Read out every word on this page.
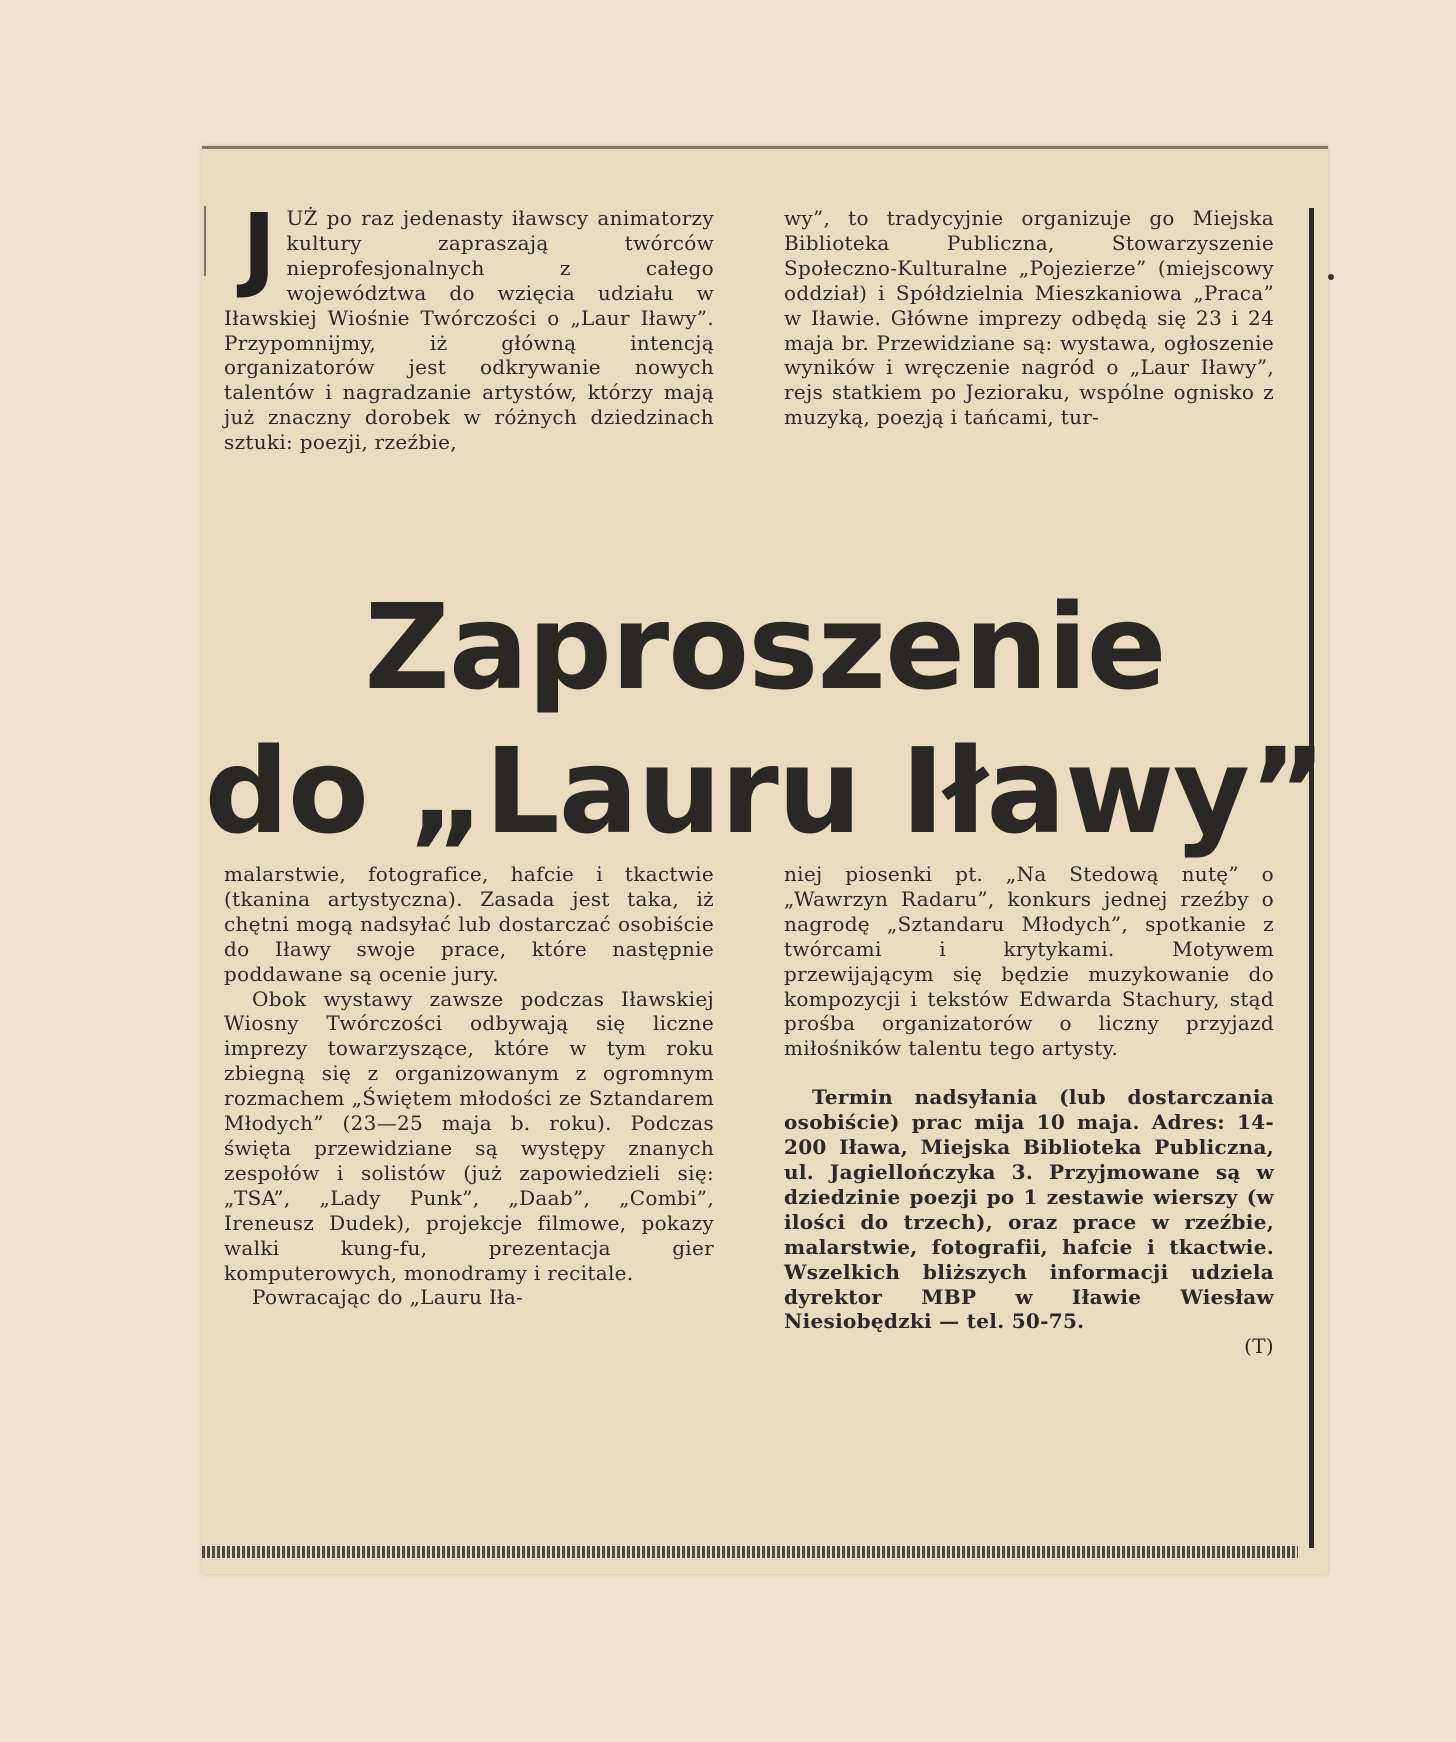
J UŻ po raz jedenasty iławscy animatorzy kultury zapraszają twórców nieprofesjonalnych z całego województwa do wzięcia udziału w Iławskiej Wiośnie Twórczości o „Laur Iławy”. Przypomnijmy, iż główną intencją organizatorów jest odkrywanie nowych talentów i nagradzanie artystów, którzy mają już znaczny dorobek w różnych dziedzinach sztuki: poezji, rzeźbie,

wy”, to tradycyjnie organizuje go Miejska Biblioteka Publiczna, Stowarzyszenie Społeczno-Kulturalne „Pojezierze” (miejscowy oddział) i Spółdzielnia Mieszkaniowa „Praca” w Iławie. Główne imprezy odbędą się 23 i 24 maja br. Przewidziane są: wystawa, ogłoszenie wyników i wręczenie nagród o „Laur Iławy”, rejs statkiem po Jezioraku, wspólne ognisko z muzyką, poezją i tańcami, tur-

Zaproszenie
do „Lauru Iławy”

malarstwie, fotografice, hafcie i tkactwie (tkanina artystyczna). Zasada jest taka, iż chętni mogą nadsyłać lub dostarczać osobiście do Iławy swoje prace, które następnie poddawane są ocenie jury.

Obok wystawy zawsze podczas Iławskiej Wiosny Twórczości odbywają się liczne imprezy towarzyszące, które w tym roku zbiegną się z organizowanym z ogromnym rozmachem „Świętem młodości ze Sztandarem Młodych” (23—25 maja b. roku). Podczas święta przewidziane są występy znanych zespołów i solistów (już zapowiedzieli się: „TSA”, „Lady Punk”, „Daab”, „Combi”, Ireneusz Dudek), projekcje filmowe, pokazy walki kung-fu, prezentacja gier komputerowych, monodramy i recitale.

Powracając do „Lauru Iła-

niej piosenki pt. „Na Stedową nutę” o „Wawrzyn Radaru”, konkurs jednej rzeźby o nagrodę „Sztandaru Młodych”, spotkanie z twórcami i krytykami. Motywem przewijającym się będzie muzykowanie do kompozycji i tekstów Edwarda Stachury, stąd prośba organizatorów o liczny przyjazd miłośników talentu tego artysty.

Termin nadsyłania (lub dostarczania osobiście) prac mija 10 maja. Adres: 14-200 Iława, Miejska Biblioteka Publiczna, ul. Jagiellończyka 3. Przyjmowane są w dziedzinie poezji po 1 zestawie wierszy (w ilości do trzech), oraz prace w rzeźbie, malarstwie, fotografii, hafcie i tkactwie. Wszelkich bliższych informacji udziela dyrektor MBP w Iławie Wiesław Niesiobędzki — tel. 50-75.

(T)
